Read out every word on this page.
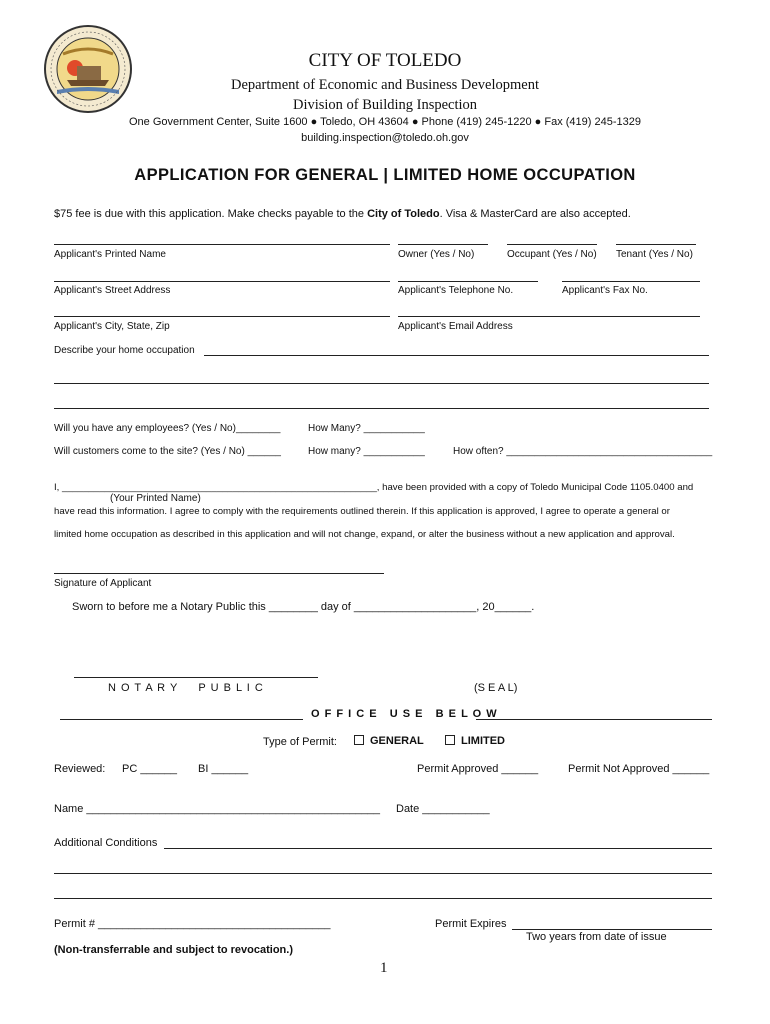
CITY OF TOLEDO
Department of Economic and Business Development
Division of Building Inspection
One Government Center, Suite 1600 ● Toledo, OH 43604 ● Phone (419) 245-1220 ● Fax (419) 245-1329
building.inspection@toledo.oh.gov
APPLICATION FOR GENERAL | LIMITED HOME OCCUPATION
$75 fee is due with this application. Make checks payable to the City of Toledo. Visa & MasterCard are also accepted.
Applicant's Printed Name	Owner (Yes / No)	Occupant (Yes / No) Tenant (Yes / No)
Applicant's Street Address	Applicant's Telephone No.	Applicant's Fax No.
Applicant's City, State, Zip	Applicant's Email Address
Describe your home occupation
Will you have any employees? (Yes / No)________	How Many? ___________
Will customers come to the site? (Yes / No) ______	How many? ___________	How often? _____________________________________
I, ___________________________________________________________, have been provided with a copy of Toledo Municipal Code 1105.0400 and
(Your Printed Name)
have read this information. I agree to comply with the requirements outlined therein. If this application is approved, I agree to operate a general or
limited home occupation as described in this application and will not change, expand, or alter the business without a new application and approval.
Signature of Applicant
Sworn to before me a Notary Public this ________ day of ____________________, 20______.
N O T A R Y     P U B L I C	(S E A L)
O F F I C E   U S E   B E L O W
Type of Permit:	GENERAL	LIMITED
Reviewed: PC ______ BI ______	Permit Approved ______	Permit Not Approved ______
Name ________________________________________________ Date ___________
Additional Conditions
Permit # ______________________________________	Permit Expires
Two years from date of issue
(Non-transferrable and subject to revocation.)
1
